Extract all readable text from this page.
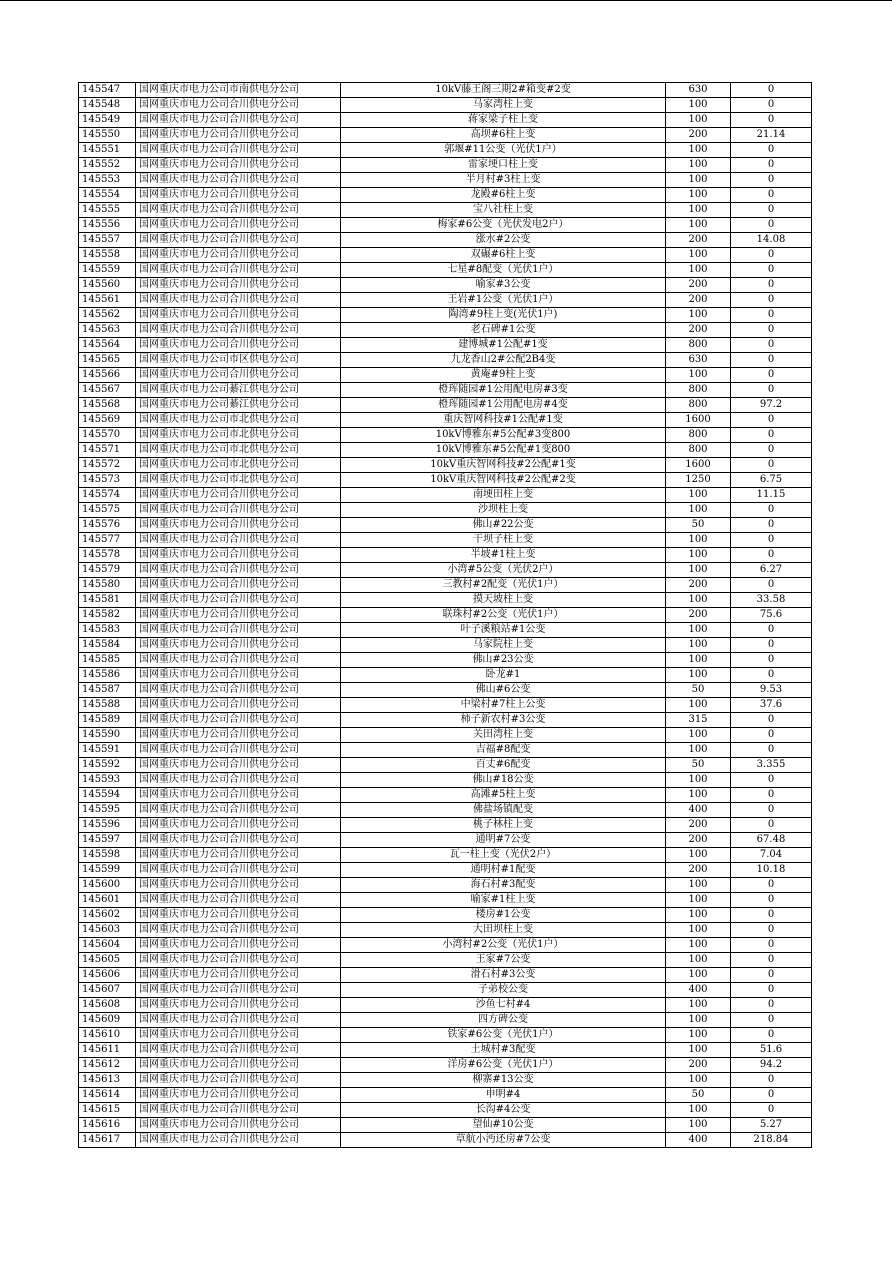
145547	国网重庆市电力公司市南供电分公司	10kV藤王阁三期2#箱变#2变	630	0
145548	国网重庆市电力公司合川供电分公司	马家湾柱上变	100	0
145549	国网重庆市电力公司合川供电分公司	蒋家梁子柱上变	100	0
145550	国网重庆市电力公司合川供电分公司	高坝#6柱上变	200	21.14
145551	国网重庆市电力公司合川供电分公司	郭堰#11公变（光伏1户）	100	0
145552	国网重庆市电力公司合川供电分公司	雷家埂口柱上变	100	0
145553	国网重庆市电力公司合川供电分公司	半月村#3柱上变	100	0
145554	国网重庆市电力公司合川供电分公司	龙殿#6柱上变	100	0
145555	国网重庆市电力公司合川供电分公司	宝八社柱上变	100	0
145556	国网重庆市电力公司合川供电分公司	梅家#6公变（光伏发电2户）	100	0
145557	国网重庆市电力公司合川供电分公司	涨水#2公变	200	14.08
145558	国网重庆市电力公司合川供电分公司	双碾#6柱上变	100	0
145559	国网重庆市电力公司合川供电分公司	七星#8配变（光伏1户）	100	0
145560	国网重庆市电力公司合川供电分公司	喻家#3公变	200	0
145561	国网重庆市电力公司合川供电分公司	王岩#1公变（光伏1户）	200	0
145562	国网重庆市电力公司合川供电分公司	陶湾#9柱上变(光伏1户)	100	0
145563	国网重庆市电力公司合川供电分公司	老石碑#1公变	200	0
145564	国网重庆市电力公司合川供电分公司	建博城#1公配#1变	800	0
145565	国网重庆市电力公司市区供电分公司	九龙香山2#公配2B4变	630	0
145566	国网重庆市电力公司合川供电分公司	黄庵#9柱上变	100	0
145567	国网重庆市电力公司綦江供电分公司	橙珲随园#1公用配电房#3变	800	0
145568	国网重庆市电力公司綦江供电分公司	橙珲随园#1公用配电房#4变	800	97.2
145569	国网重庆市电力公司市北供电分公司	重庆智网科技#1公配#1变	1600	0
145570	国网重庆市电力公司市北供电分公司	10kV博雅东#5公配#3变800	800	0
145571	国网重庆市电力公司市北供电分公司	10kV博雅东#5公配#1变800	800	0
145572	国网重庆市电力公司市北供电分公司	10kV重庆智网科技#2公配#1变	1600	0
145573	国网重庆市电力公司市北供电分公司	10kV重庆智网科技#2公配#2变	1250	6.75
145574	国网重庆市电力公司合川供电分公司	南埂田柱上变	100	11.15
145575	国网重庆市电力公司合川供电分公司	沙坝柱上变	100	0
145576	国网重庆市电力公司合川供电分公司	佛山#22公变	50	0
145577	国网重庆市电力公司合川供电分公司	干坝子柱上变	100	0
145578	国网重庆市电力公司合川供电分公司	半坡#1柱上变	100	0
145579	国网重庆市电力公司合川供电分公司	小湾#5公变（光伏2户）	100	6.27
145580	国网重庆市电力公司合川供电分公司	三教村#2配变（光伏1户）	200	0
145581	国网重庆市电力公司合川供电分公司	摸天坡柱上变	100	33.58
145582	国网重庆市电力公司合川供电分公司	联珠村#2公变（光伏1户）	200	75.6
145583	国网重庆市电力公司合川供电分公司	叶子溪粮站#1公变	100	0
145584	国网重庆市电力公司合川供电分公司	马家院柱上变	100	0
145585	国网重庆市电力公司合川供电分公司	佛山#23公变	100	0
145586	国网重庆市电力公司合川供电分公司	卧龙#1	100	0
145587	国网重庆市电力公司合川供电分公司	佛山#6公变	50	9.53
145588	国网重庆市电力公司合川供电分公司	中梁村#7柱上公变	100	37.6
145589	国网重庆市电力公司合川供电分公司	柿子新农村#3公变	315	0
145590	国网重庆市电力公司合川供电分公司	关田湾柱上变	100	0
145591	国网重庆市电力公司合川供电分公司	吉福#8配变	100	0
145592	国网重庆市电力公司合川供电分公司	百丈#6配变	50	3.355
145593	国网重庆市电力公司合川供电分公司	佛山#18公变	100	0
145594	国网重庆市电力公司合川供电分公司	高滩#5柱上变	100	0
145595	国网重庆市电力公司合川供电分公司	佛盐场镇配变	400	0
145596	国网重庆市电力公司合川供电分公司	桃子林柱上变	200	0
145597	国网重庆市电力公司合川供电分公司	通明#7公变	200	67.48
145598	国网重庆市电力公司合川供电分公司	瓦一柱上变（光伏2户）	100	7.04
145599	国网重庆市电力公司合川供电分公司	通明村#1配变	200	10.18
145600	国网重庆市电力公司合川供电分公司	海石村#3配变	100	0
145601	国网重庆市电力公司合川供电分公司	喻家#1柱上变	100	0
145602	国网重庆市电力公司合川供电分公司	楼房#1公变	100	0
145603	国网重庆市电力公司合川供电分公司	大田坝柱上变	100	0
145604	国网重庆市电力公司合川供电分公司	小湾村#2公变（光伏1户）	100	0
145605	国网重庆市电力公司合川供电分公司	王家#7公变	100	0
145606	国网重庆市电力公司合川供电分公司	滑石村#3公变	100	0
145607	国网重庆市电力公司合川供电分公司	子弟校公变	400	0
145608	国网重庆市电力公司合川供电分公司	沙鱼七村#4	100	0
145609	国网重庆市电力公司合川供电分公司	四方碑公变	100	0
145610	国网重庆市电力公司合川供电分公司	铁家#6公变（光伏1户）	100	0
145611	国网重庆市电力公司合川供电分公司	土城村#3配变	100	51.6
145612	国网重庆市电力公司合川供电分公司	洋房#6公变（光伏1户）	200	94.2
145613	国网重庆市电力公司合川供电分公司	柳寨#13公变	100	0
145614	国网重庆市电力公司合川供电分公司	申明#4	50	0
145615	国网重庆市电力公司合川供电分公司	长沟#4公变	100	0
145616	国网重庆市电力公司合川供电分公司	望仙#10公变	100	5.27
145617	国网重庆市电力公司合川供电分公司	草航小沔还房#7公变	400	218.84
